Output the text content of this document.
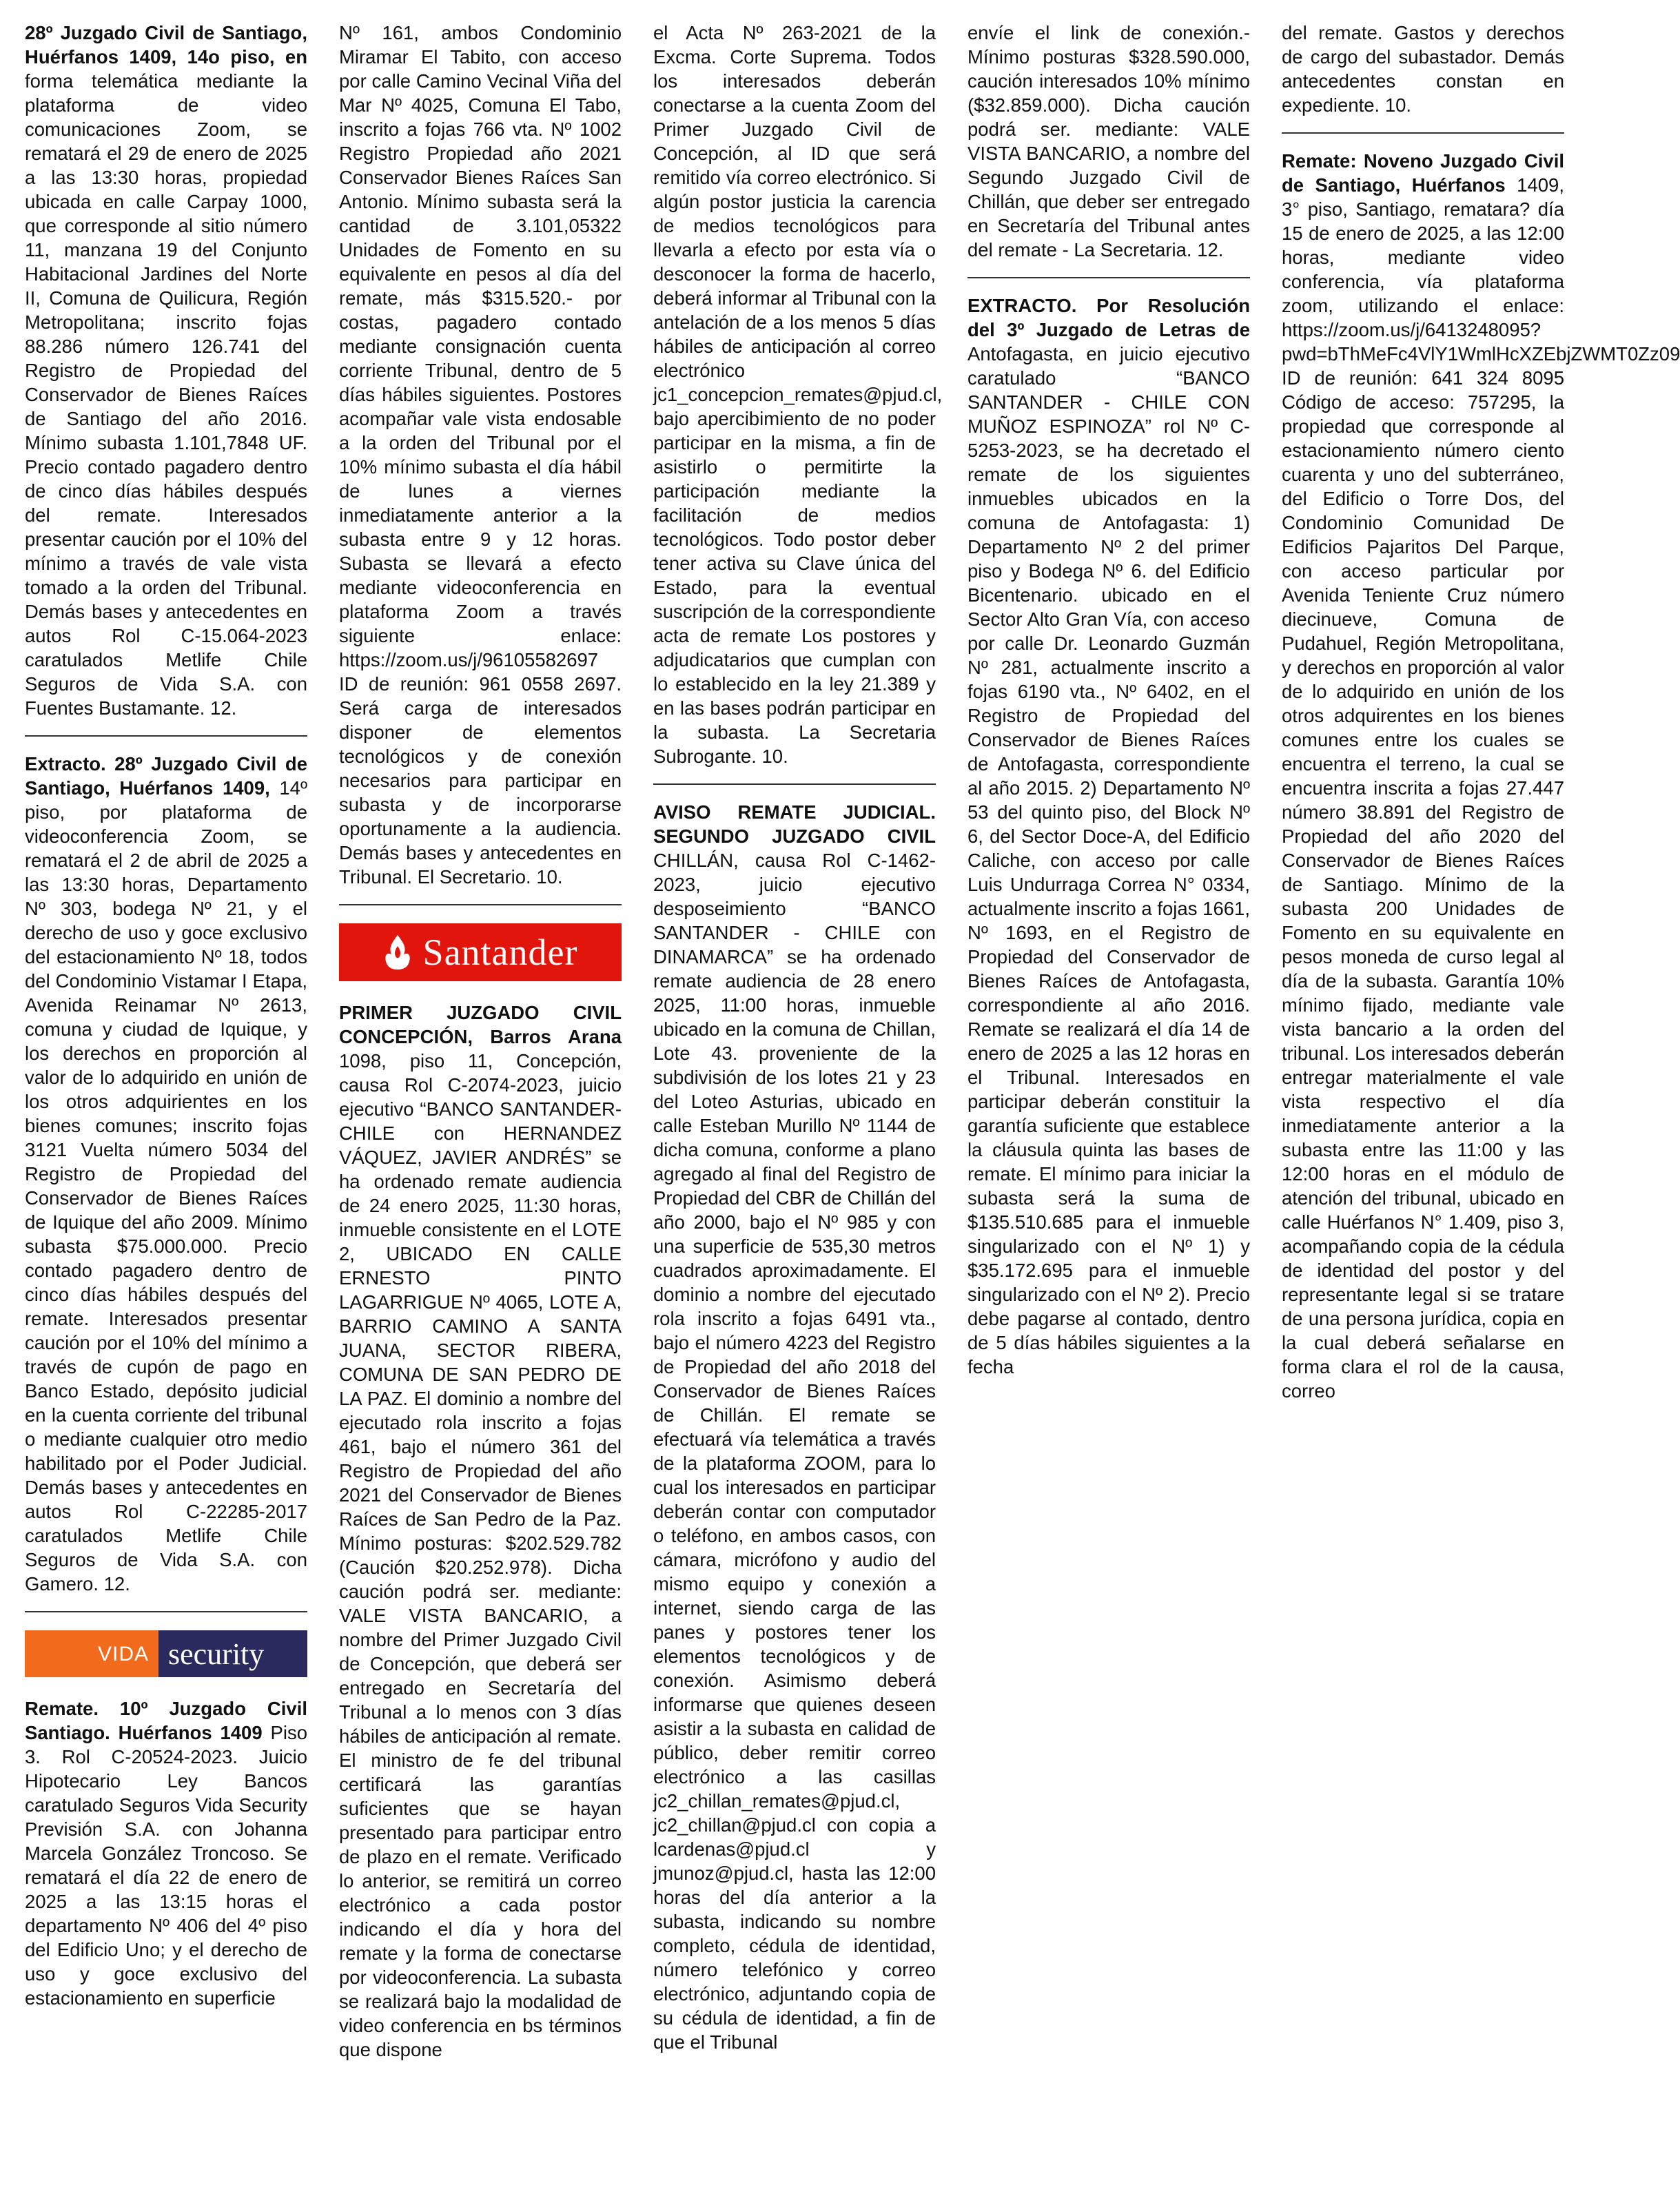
28º Juzgado Civil de Santiago, Huérfanos 1409, 14o piso, en forma telemática mediante la plataforma de video comunicaciones Zoom, se rematará el 29 de enero de 2025 a las 13:30 horas, propiedad ubicada en calle Carpay 1000, que corresponde al sitio número 11, manzana 19 del Conjunto Habitacional Jardines del Norte II, Comuna de Quilicura, Región Metropolitana; inscrito fojas 88.286 número 126.741 del Registro de Propiedad del Conservador de Bienes Raíces de Santiago del año 2016. Mínimo subasta 1.101,7848 UF. Precio contado pagadero dentro de cinco días hábiles después del remate. Interesados presentar caución por el 10% del mínimo a través de vale vista tomado a la orden del Tribunal. Demás bases y antecedentes en autos Rol C-15.064-2023 caratulados Metlife Chile Seguros de Vida S.A. con Fuentes Bustamante. 12.
Extracto. 28º Juzgado Civil de Santiago, Huérfanos 1409, 14º piso, por plataforma de videoconferencia Zoom, se rematará el 2 de abril de 2025 a las 13:30 horas, Departamento Nº 303, bodega Nº 21, y el derecho de uso y goce exclusivo del estacionamiento Nº 18, todos del Condominio Vistamar I Etapa, Avenida Reinamar Nº 2613, comuna y ciudad de Iquique, y los derechos en proporción al valor de lo adquirido en unión de los otros adquirientes en los bienes comunes; inscrito fojas 3121 Vuelta número 5034 del Registro de Propiedad del Conservador de Bienes Raíces de Iquique del año 2009. Mínimo subasta $75.000.000. Precio contado pagadero dentro de cinco días hábiles después del remate. Interesados presentar caución por el 10% del mínimo a través de cupón de pago en Banco Estado, depósito judicial en la cuenta corriente del tribunal o mediante cualquier otro medio habilitado por el Poder Judicial. Demás bases y antecedentes en autos Rol C-22285-2017 caratulados Metlife Chile Seguros de Vida S.A. con Gamero. 12.
VIDA security
Remate. 10º Juzgado Civil Santiago. Huérfanos 1409 Piso 3. Rol C-20524-2023. Juicio Hipotecario Ley Bancos caratulado Seguros Vida Security Previsión S.A. con Johanna Marcela González Troncoso. Se rematará el día 22 de enero de 2025 a las 13:15 horas el departamento Nº 406 del 4º piso del Edificio Uno; y el derecho de uso y goce exclusivo del estacionamiento en superficie
Nº 161, ambos Condominio Miramar El Tabito, con acceso por calle Camino Vecinal Viña del Mar Nº 4025, Comuna El Tabo, inscrito a fojas 766 vta. Nº 1002 Registro Propiedad año 2021 Conservador Bienes Raíces San Antonio. Mínimo subasta será la cantidad de 3.101,05322 Unidades de Fomento en su equivalente en pesos al día del remate, más $315.520.- por costas, pagadero contado mediante consignación cuenta corriente Tribunal, dentro de 5 días hábiles siguientes. Postores acompañar vale vista endosable a la orden del Tribunal por el 10% mínimo subasta el día hábil de lunes a viernes inmediatamente anterior a la subasta entre 9 y 12 horas. Subasta se llevará a efecto mediante videoconferencia en plataforma Zoom a través siguiente enlace: https://zoom.us/j/96105582697 ID de reunión: 961 0558 2697. Será carga de interesados disponer de elementos tecnológicos y de conexión necesarios para participar en subasta y de incorporarse oportunamente a la audiencia. Demás bases y antecedentes en Tribunal. El Secretario. 10.
Santander
PRIMER JUZGADO CIVIL CONCEPCIÓN, Barros Arana 1098, piso 11, Concepción, causa Rol C-2074-2023, juicio ejecutivo “BANCO SANTANDER-CHILE con HERNANDEZ VÁQUEZ, JAVIER ANDRÉS” se ha ordenado remate audiencia de 24 enero 2025, 11:30 horas, inmueble consistente en el LOTE 2, UBICADO EN CALLE ERNESTO PINTO LAGARRIGUE Nº 4065, LOTE A, BARRIO CAMINO A SANTA JUANA, SECTOR RIBERA, COMUNA DE SAN PEDRO DE LA PAZ. El dominio a nombre del ejecutado rola inscrito a fojas 461, bajo el número 361 del Registro de Propiedad del año 2021 del Conservador de Bienes Raíces de San Pedro de la Paz. Mínimo posturas: $202.529.782 (Caución $20.252.978). Dicha caución podrá ser. mediante: VALE VISTA BANCARIO, a nombre del Primer Juzgado Civil de Concepción, que deberá ser entregado en Secretaría del Tribunal a lo menos con 3 días hábiles de anticipación al remate. El ministro de fe del tribunal certificará las garantías suficientes que se hayan presentado para participar entro de plazo en el remate. Verificado lo anterior, se remitirá un correo electrónico a cada postor indicando el día y hora del remate y la forma de conectarse por videoconferencia. La subasta se realizará bajo la modalidad de video conferencia en bs términos que dispone
el Acta Nº 263-2021 de la Excma. Corte Suprema. Todos los interesados deberán conectarse a la cuenta Zoom del Primer Juzgado Civil de Concepción, al ID que será remitido vía correo electrónico. Si algún postor justicia la carencia de medios tecnológicos para llevarla a efecto por esta vía o desconocer la forma de hacerlo, deberá informar al Tribunal con la antelación de a los menos 5 días hábiles de anticipación al correo electrónico jc1_concepcion_remates@pjud.cl, bajo apercibimiento de no poder participar en la misma, a fin de asistirlo o permitirte la participación mediante la facilitación de medios tecnológicos. Todo postor deber tener activa su Clave única del Estado, para la eventual suscripción de la correspondiente acta de remate Los postores y adjudicatarios que cumplan con lo establecido en la ley 21.389 y en las bases podrán participar en la subasta. La Secretaria Subrogante. 10.
AVISO REMATE JUDICIAL. SEGUNDO JUZGADO CIVIL CHILLÁN, causa Rol C-1462-2023, juicio ejecutivo desposeimiento “BANCO SANTANDER - CHILE con DINAMARCA” se ha ordenado remate audiencia de 28 enero 2025, 11:00 horas, inmueble ubicado en la comuna de Chillan, Lote 43. proveniente de la subdivisión de los lotes 21 y 23 del Loteo Asturias, ubicado en calle Esteban Murillo Nº 1144 de dicha comuna, conforme a plano agregado al final del Registro de Propiedad del CBR de Chillán del año 2000, bajo el Nº 985 y con una superficie de 535,30 metros cuadrados aproximadamente. El dominio a nombre del ejecutado rola inscrito a fojas 6491 vta., bajo el número 4223 del Registro de Propiedad del año 2018 del Conservador de Bienes Raíces de Chillán. El remate se efectuará vía telemática a través de la plataforma ZOOM, para lo cual los interesados en participar deberán contar con computador o teléfono, en ambos casos, con cámara, micrófono y audio del mismo equipo y conexión a internet, siendo carga de las panes y postores tener los elementos tecnológicos y de conexión. Asimismo deberá informarse que quienes deseen asistir a la subasta en calidad de público, deber remitir correo electrónico a las casillas jc2_chillan_remates@pjud.cl, jc2_chillan@pjud.cl con copia a lcardenas@pjud.cl y jmunoz@pjud.cl, hasta las 12:00 horas del día anterior a la subasta, indicando su nombre completo, cédula de identidad, número telefónico y correo electrónico, adjuntando copia de su cédula de identidad, a fin de que el Tribunal
envíe el link de conexión.- Mínimo posturas $328.590.000, caución interesados 10% mínimo ($32.859.000). Dicha caución podrá ser. mediante: VALE VISTA BANCARIO, a nombre del Segundo Juzgado Civil de Chillán, que deber ser entregado en Secretaría del Tribunal antes del remate - La Secretaria. 12.
EXTRACTO. Por Resolución del 3º Juzgado de Letras de Antofagasta, en juicio ejecutivo caratulado “BANCO SANTANDER - CHILE CON MUÑOZ ESPINOZA” rol Nº C-5253-2023, se ha decretado el remate de los siguientes inmuebles ubicados en la comuna de Antofagasta: 1) Departamento Nº 2 del primer piso y Bodega Nº 6. del Edificio Bicentenario. ubicado en el Sector Alto Gran Vía, con acceso por calle Dr. Leonardo Guzmán Nº 281, actualmente inscrito a fojas 6190 vta., Nº 6402, en el Registro de Propiedad del Conservador de Bienes Raíces de Antofagasta, correspondiente al año 2015. 2) Departamento Nº 53 del quinto piso, del Block Nº 6, del Sector Doce-A, del Edificio Caliche, con acceso por calle Luis Undurraga Correa N° 0334, actualmente inscrito a fojas 1661, Nº 1693, en el Registro de Propiedad del Conservador de Bienes Raíces de Antofagasta, correspondiente al año 2016. Remate se realizará el día 14 de enero de 2025 a las 12 horas en el Tribunal. Interesados en participar deberán constituir la garantía suficiente que establece la cláusula quinta las bases de remate. El mínimo para iniciar la subasta será la suma de $135.510.685 para el inmueble singularizado con el Nº 1) y $35.172.695 para el inmueble singularizado con el Nº 2). Precio debe pagarse al contado, dentro de 5 días hábiles siguientes a la fecha
del remate. Gastos y derechos de cargo del subastador. Demás antecedentes constan en expediente. 10.
Remate: Noveno Juzgado Civil de Santiago, Huérfanos 1409, 3° piso, Santiago, rematara? día 15 de enero de 2025, a las 12:00 horas, mediante video conferencia, vía plataforma zoom, utilizando el enlace: https://zoom.us/j/6413248095?pwd=bThMeFc4VlY1WmlHcXZEbjZWMT0Zz09 ID de reunión: 641 324 8095 Código de acceso: 757295, la propiedad que corresponde al estacionamiento número ciento cuarenta y uno del subterráneo, del Edificio o Torre Dos, del Condominio Comunidad De Edificios Pajaritos Del Parque, con acceso particular por Avenida Teniente Cruz número diecinueve, Comuna de Pudahuel, Región Metropolitana, y derechos en proporción al valor de lo adquirido en unión de los otros adquirentes en los bienes comunes entre los cuales se encuentra el terreno, la cual se encuentra inscrita a fojas 27.447 número 38.891 del Registro de Propiedad del año 2020 del Conservador de Bienes Raíces de Santiago. Mínimo de la subasta 200 Unidades de Fomento en su equivalente en pesos moneda de curso legal al día de la subasta. Garantía 10% mínimo fijado, mediante vale vista bancario a la orden del tribunal. Los interesados deberán entregar materialmente el vale vista respectivo el día inmediatamente anterior a la subasta entre las 11:00 y las 12:00 horas en el módulo de atención del tribunal, ubicado en calle Huérfanos N° 1.409, piso 3, acompañando copia de la cédula de identidad del postor y del representante legal si se tratare de una persona jurídica, copia en la cual deberá señalarse en forma clara el rol de la causa, correo
